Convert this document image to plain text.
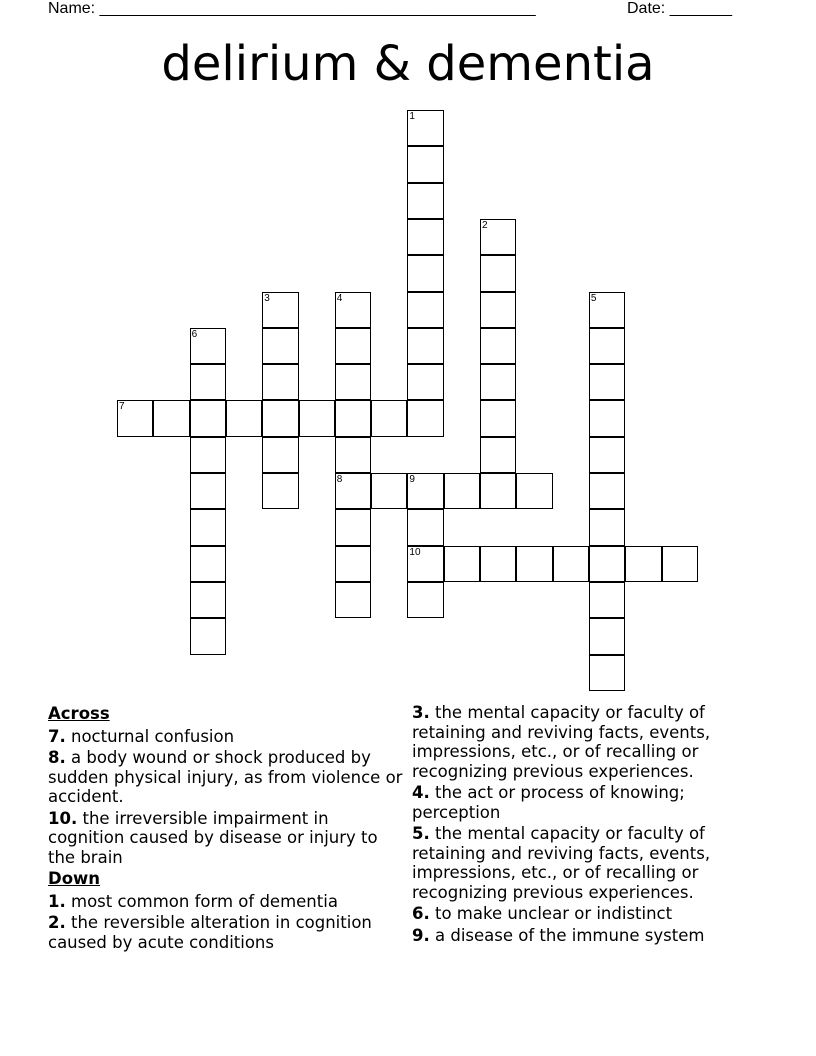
Name: _________________________________________________	Date: _______
delirium & dementia
1
2
3	4
8
5
6
7
9
10
Across
7. nocturnal confusion
8. a body wound or shock produced by sudden physical injury, as from violence or accident.
10. the irreversible impairment in cognition caused by disease or injury to the brain
Down
1. most common form of dementia
2. the reversible alteration in cognition caused by acute conditions
3. the mental capacity or faculty of retaining and reviving facts, events, impressions, etc., or of recalling or recognizing previous experiences.
4. the act or process of knowing; perception
5. the mental capacity or faculty of retaining and reviving facts, events, impressions, etc., or of recalling or recognizing previous experiences.
6. to make unclear or indistinct
9. a disease of the immune system
